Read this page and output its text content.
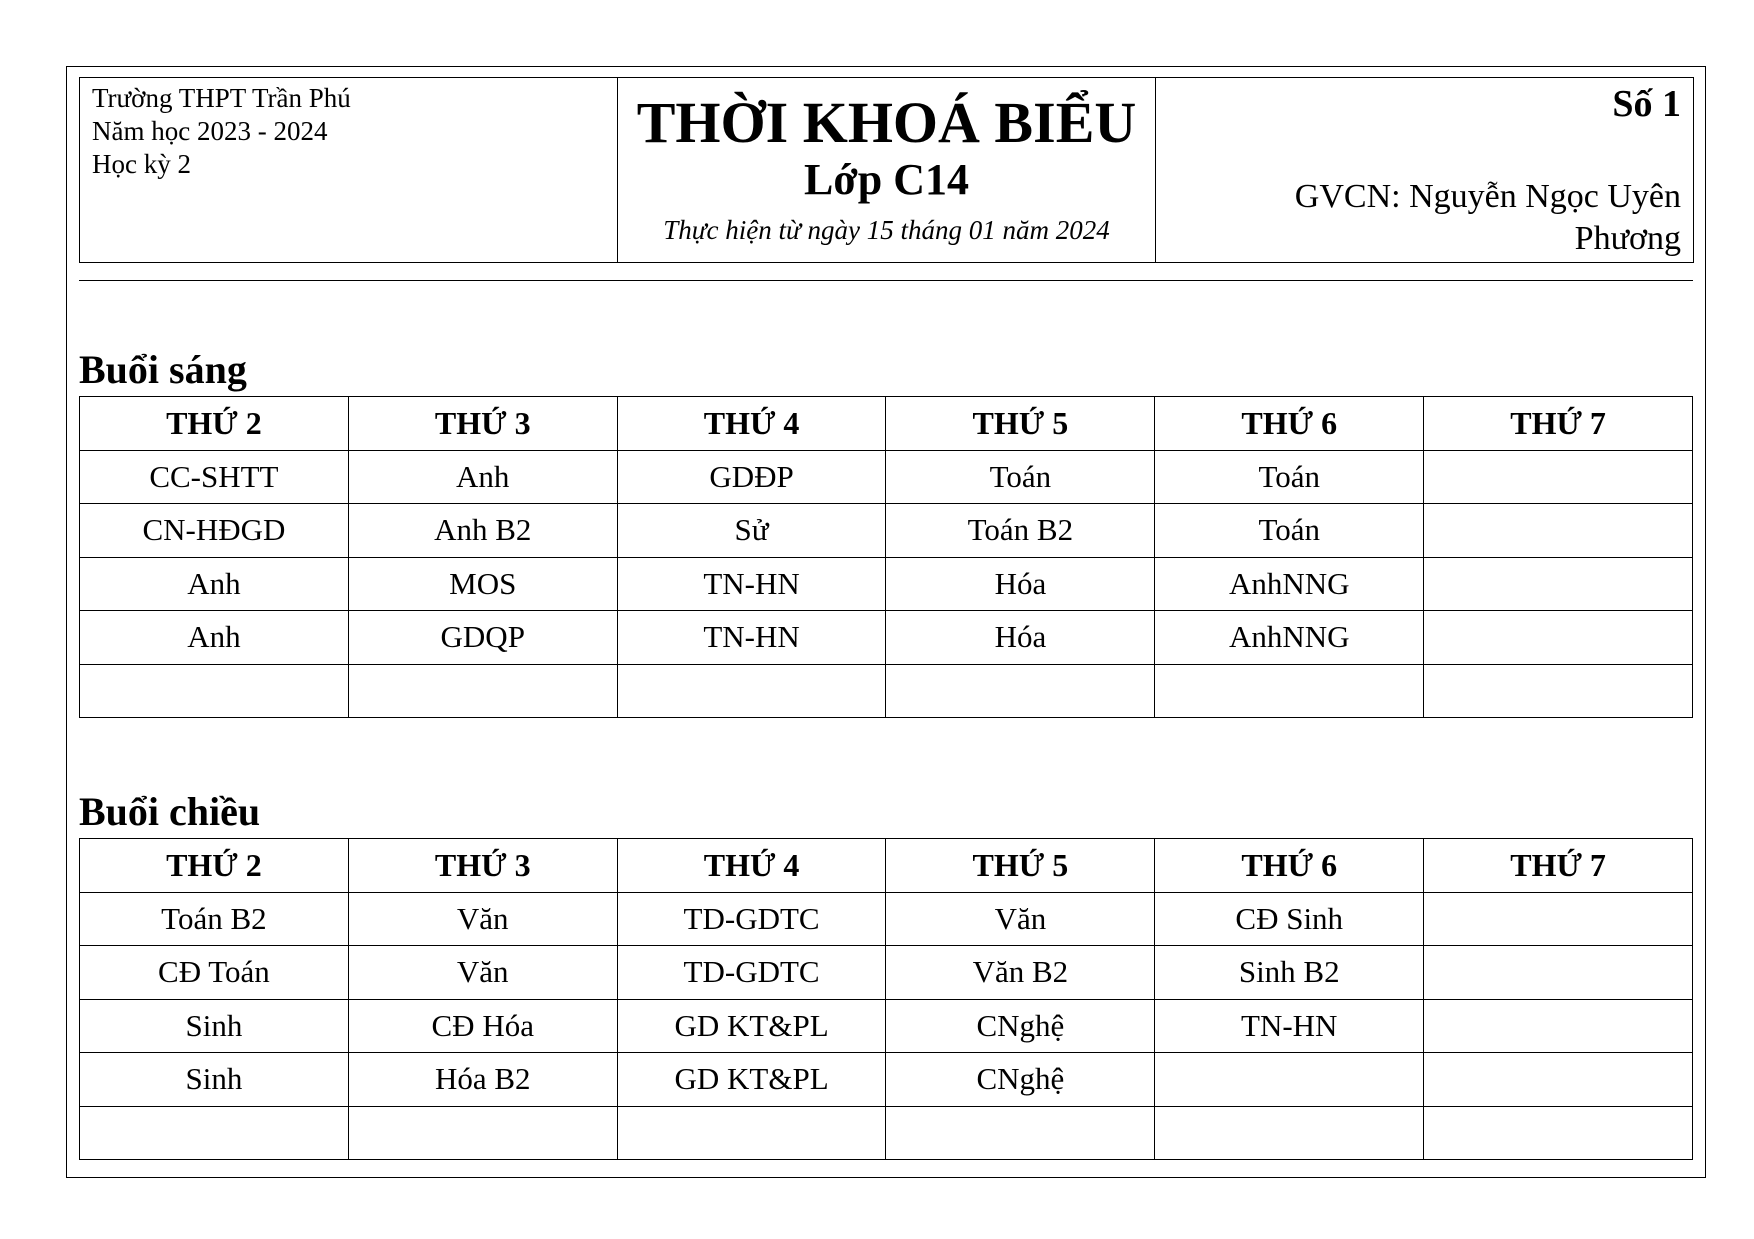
Trường THPT Trần Phú
Năm học 2023 - 2024
Học kỳ 2

THỜI KHOÁ BIỂU
Lớp C14
Thực hiện từ ngày 15 tháng 01 năm 2024

Số 1
GVCN: Nguyễn Ngọc Uyên Phương
Buổi sáng
THỨ 2	THỨ 3	THỨ 4	THỨ 5	THỨ 6	THỨ 7
CC-SHTT	Anh	GDĐP	Toán	Toán	
CN-HĐGD	Anh B2	Sử	Toán B2	Toán	
Anh	MOS	TN-HN	Hóa	AnhNNG	
Anh	GDQP	TN-HN	Hóa	AnhNNG	

Buổi chiều
THỨ 2	THỨ 3	THỨ 4	THỨ 5	THỨ 6	THỨ 7
Toán B2	Văn	TD-GDTC	Văn	CĐ Sinh	
CĐ Toán	Văn	TD-GDTC	Văn B2	Sinh B2	
Sinh	CĐ Hóa	GD KT&PL	CNghệ	TN-HN	
Sinh	Hóa B2	GD KT&PL	CNghệ		
